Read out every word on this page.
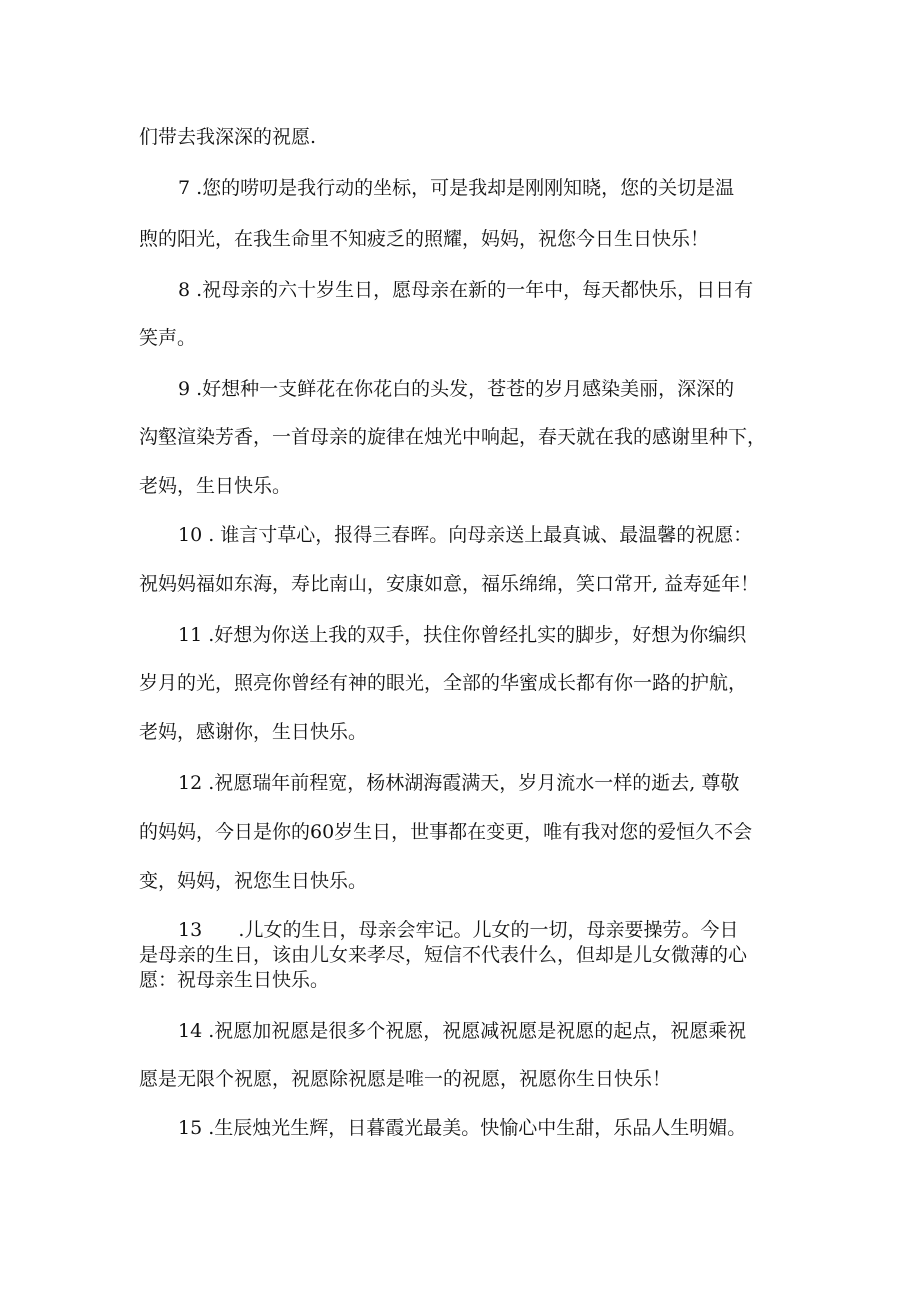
们带去我深深的祝愿.
7 .您的唠叨是我行动的坐标，可是我却是刚刚知晓，您的关切是温
煦的阳光，在我生命里不知疲乏的照耀，妈妈，祝您今日生日快乐！
8 .祝母亲的六十岁生日，愿母亲在新的一年中，每天都快乐，日日有
笑声。
9 .好想种一支鲜花在你花白的头发，苍苍的岁月感染美丽，深深的
沟壑渲染芳香，一首母亲的旋律在烛光中响起，春天就在我的感谢里种下，
老妈，生日快乐。
10 . 谁言寸草心，报得三春晖。向母亲送上最真诚、最温馨的祝愿：
祝妈妈福如东海，寿比南山，安康如意，福乐绵绵，笑口常开, 益寿延年！
11 .好想为你送上我的双手，扶住你曾经扎实的脚步，好想为你编织
岁月的光，照亮你曾经有神的眼光，全部的华蜜成长都有你一路的护航，
老妈，感谢你，生日快乐。
12 .祝愿瑞年前程宽，杨林湖海霞满天，岁月流水一样的逝去, 尊敬
的妈妈，今日是你的60岁生日，世事都在变更，唯有我对您的爱恒久不会
变，妈妈，祝您生日快乐。
13      .儿女的生日，母亲会牢记。儿女的一切，母亲要操劳。今日
是母亲的生日，该由儿女来孝尽，短信不代表什么，但却是儿女微薄的心
愿：祝母亲生日快乐。
14 .祝愿加祝愿是很多个祝愿，祝愿减祝愿是祝愿的起点，祝愿乘祝
愿是无限个祝愿，祝愿除祝愿是唯一的祝愿，祝愿你生日快乐！
15 .生辰烛光生辉，日暮霞光最美。快愉心中生甜，乐品人生明媚。
